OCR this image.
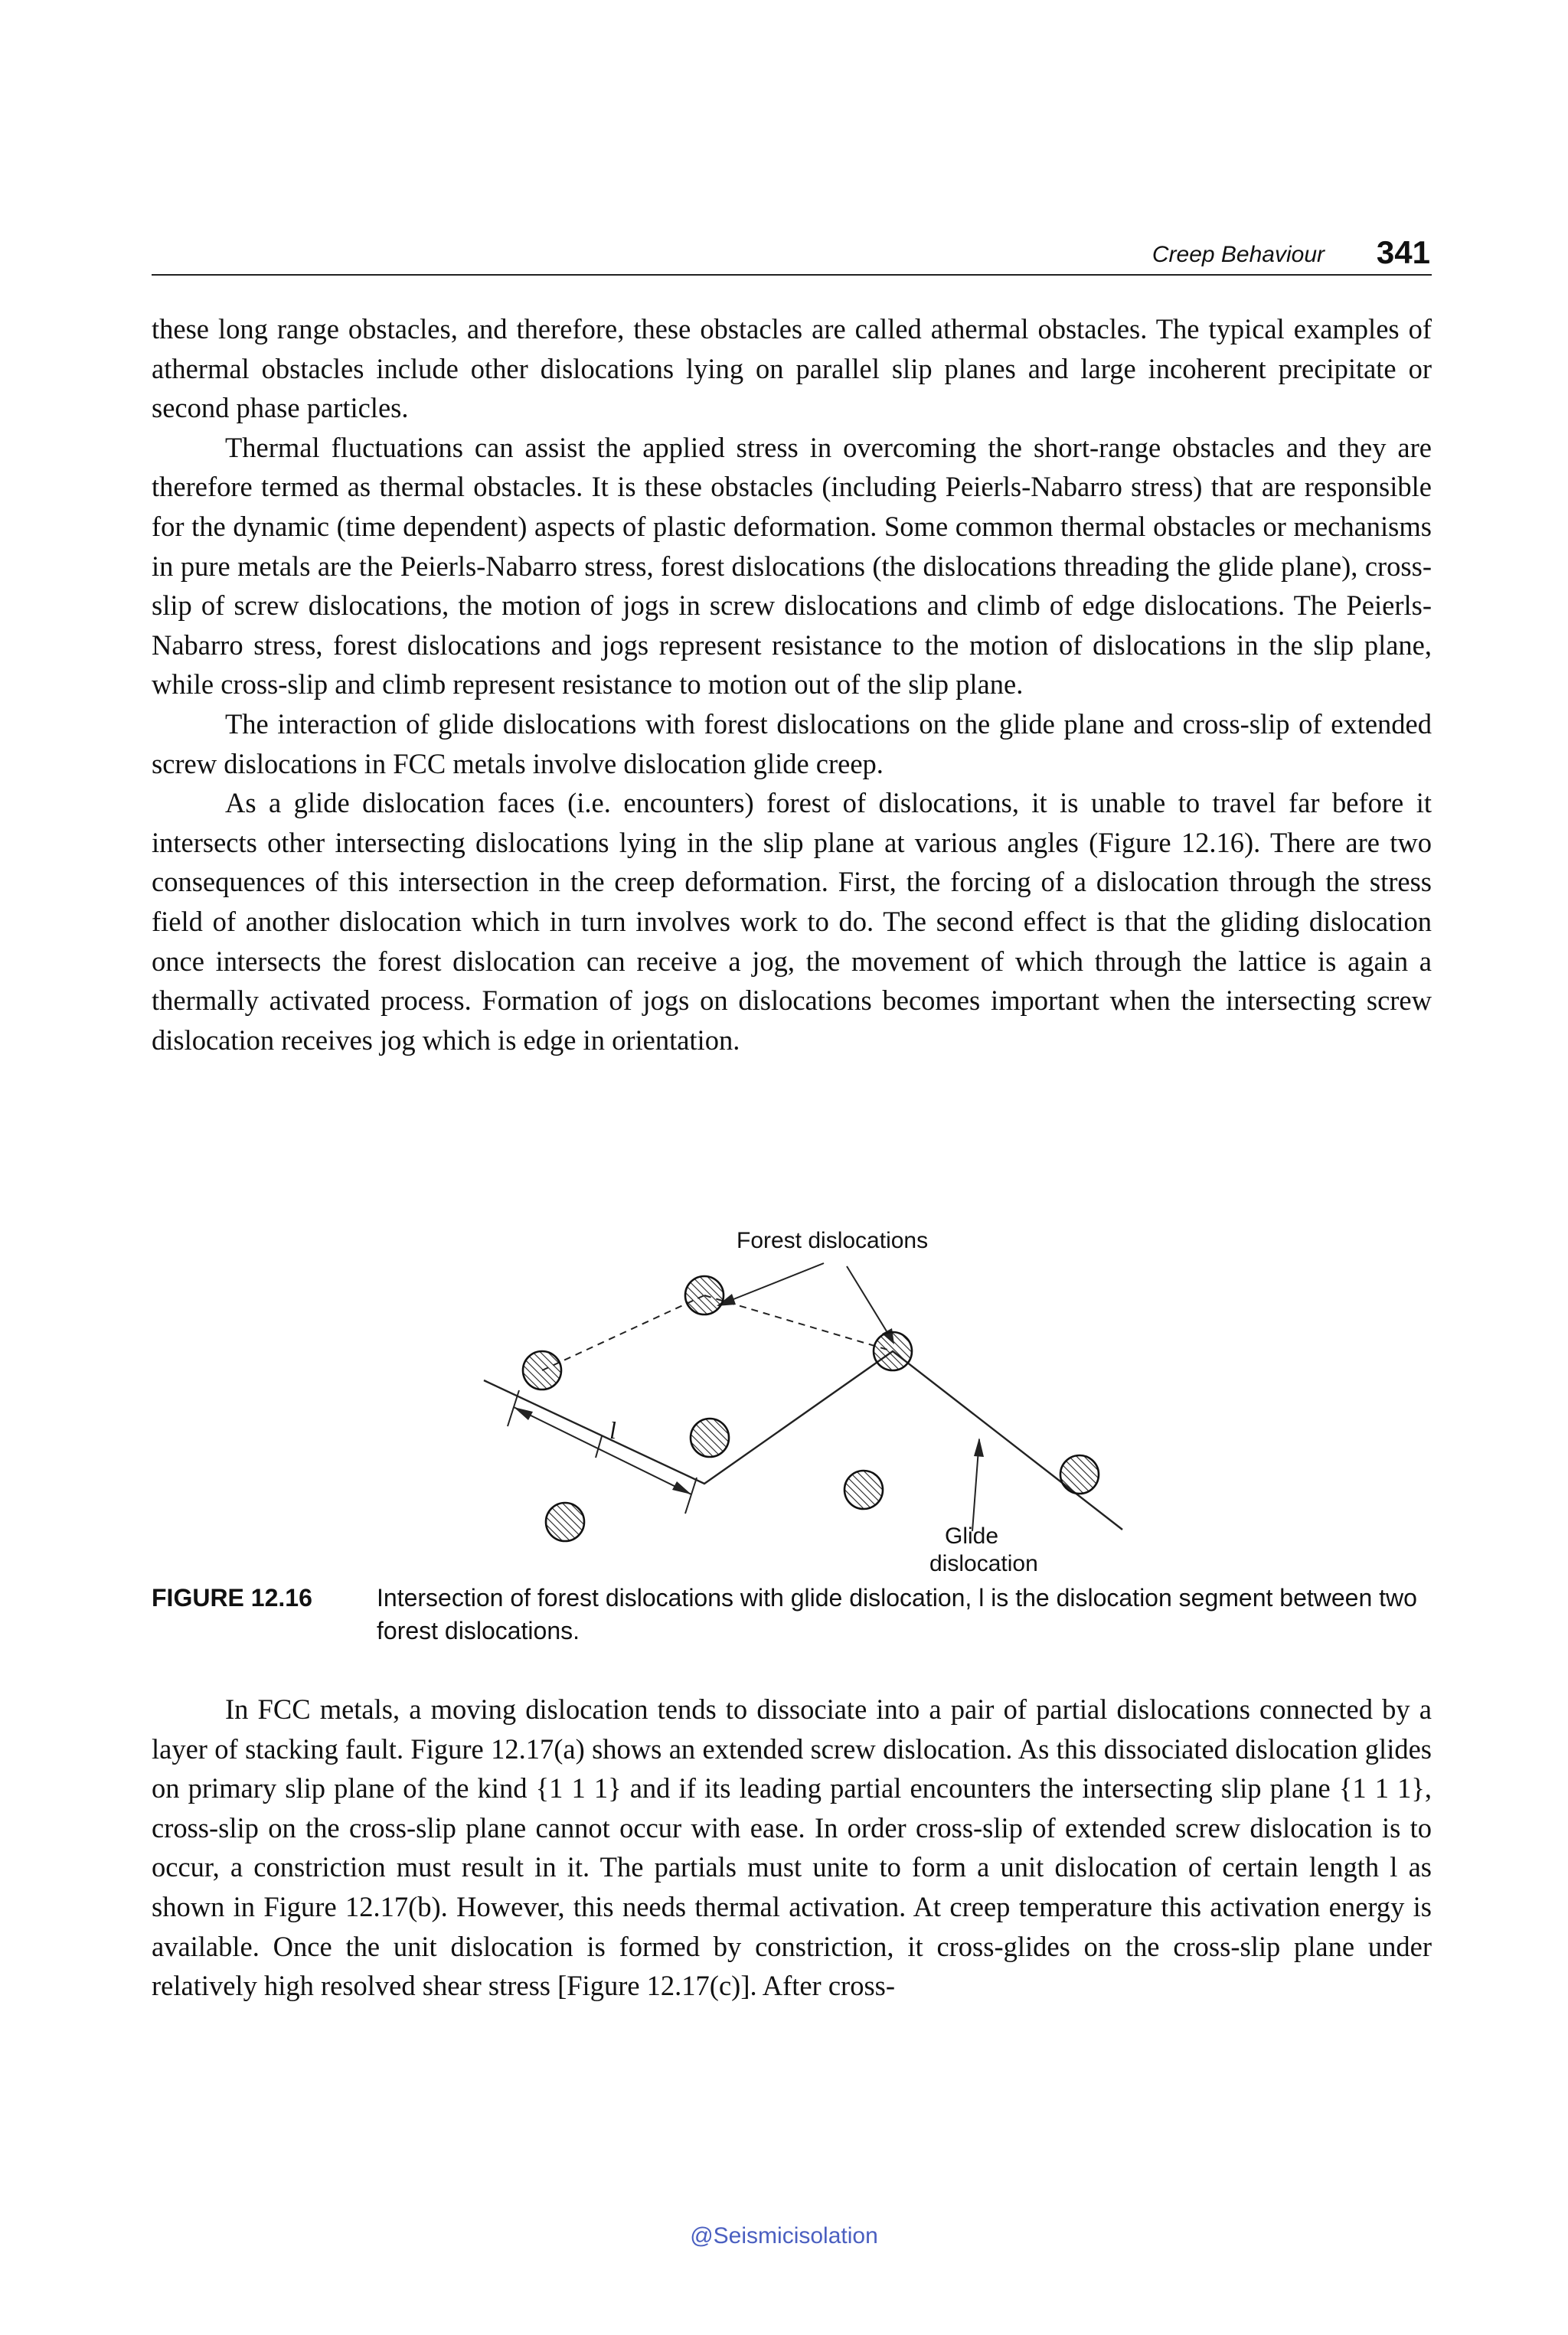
Creep Behaviour 341

these long range obstacles, and therefore, these obstacles are called athermal obstacles. The typical examples of athermal obstacles include other dislocations lying on parallel slip planes and large incoherent precipitate or second phase particles.

Thermal fluctuations can assist the applied stress in overcoming the short-range obstacles and they are therefore termed as thermal obstacles. It is these obstacles (including Peierls-Nabarro stress) that are responsible for the dynamic (time dependent) aspects of plastic deformation. Some common thermal obstacles or mechanisms in pure metals are the Peierls-Nabarro stress, forest dislocations (the dislocations threading the glide plane), cross-slip of screw dislocations, the motion of jogs in screw dislocations and climb of edge dislocations. The Peierls-Nabarro stress, forest dislocations and jogs represent resistance to the motion of dislocations in the slip plane, while cross-slip and climb represent resistance to motion out of the slip plane.

The interaction of glide dislocations with forest dislocations on the glide plane and cross-slip of extended screw dislocations in FCC metals involve dislocation glide creep.

As a glide dislocation faces (i.e. encounters) forest of dislocations, it is unable to travel far before it intersects other intersecting dislocations lying in the slip plane at various angles (Figure 12.16). There are two consequences of this intersection in the creep deformation. First, the forcing of a dislocation through the stress field of another dislocation which in turn involves work to do. The second effect is that the gliding dislocation once intersects the forest dislocation can receive a jog, the movement of which through the lattice is again a thermally activated process. Formation of jogs on dislocations becomes important when the intersecting screw dislocation receives jog which is edge in orientation.

Forest dislocations
l
Glide
dislocation
FIGURE 12.16	Intersection of forest dislocations with glide dislocation, l is the dislocation segment between two forest dislocations.

In FCC metals, a moving dislocation tends to dissociate into a pair of partial dislocations connected by a layer of stacking fault. Figure 12.17(a) shows an extended screw dislocation. As this dissociated dislocation glides on primary slip plane of the kind {1 1 1} and if its leading partial encounters the intersecting slip plane {1 1 1}, cross-slip on the cross-slip plane cannot occur with ease. In order cross-slip of extended screw dislocation is to occur, a constriction must result in it. The partials must unite to form a unit dislocation of certain length l as shown in Figure 12.17(b). However, this needs thermal activation. At creep temperature this activation energy is available. Once the unit dislocation is formed by constriction, it cross-glides on the cross-slip plane under relatively high resolved shear stress [Figure 12.17(c)]. After cross-

@Seismicisolation
